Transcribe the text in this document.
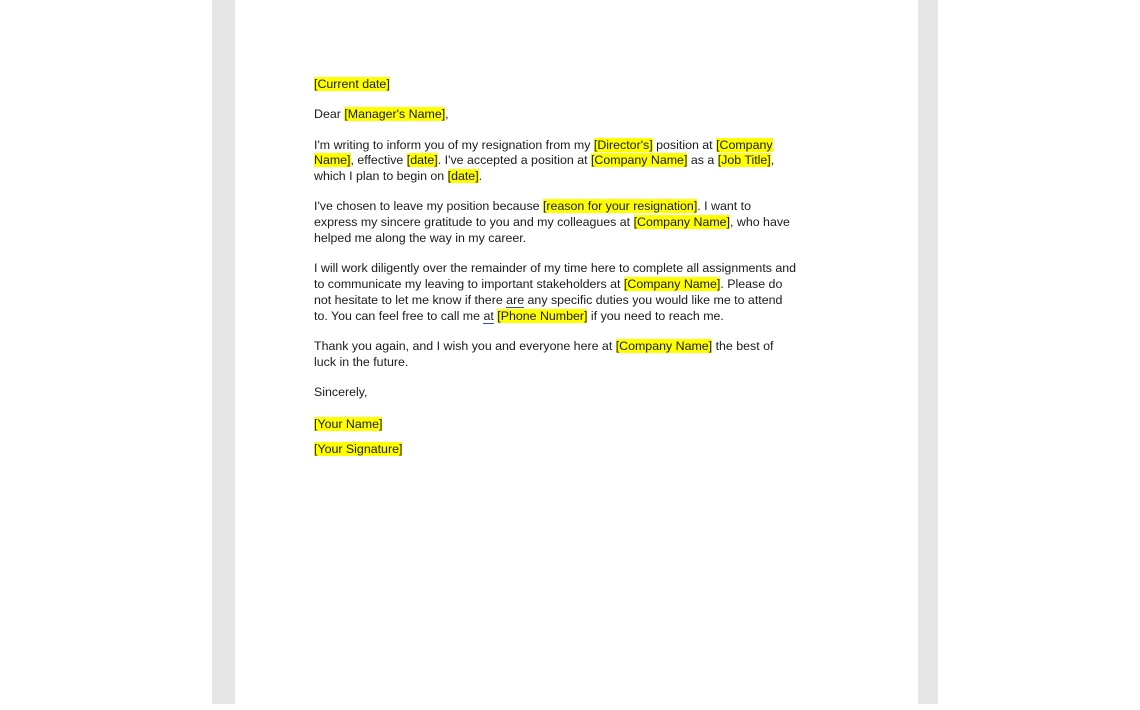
[Current date]

Dear [Manager's Name],

I'm writing to inform you of my resignation from my [Director's] position at [Company
Name], effective [date]. I've accepted a position at [Company Name] as a [Job Title],
which I plan to begin on [date].

I've chosen to leave my position because [reason for your resignation]. I want to
express my sincere gratitude to you and my colleagues at [Company Name], who have
helped me along the way in my career.

I will work diligently over the remainder of my time here to complete all assignments and
to communicate my leaving to important stakeholders at [Company Name]. Please do
not hesitate to let me know if there are any specific duties you would like me to attend
to. You can feel free to call me at [Phone Number] if you need to reach me.

Thank you again, and I wish you and everyone here at [Company Name] the best of
luck in the future.

Sincerely,

[Your Name]

[Your Signature]
